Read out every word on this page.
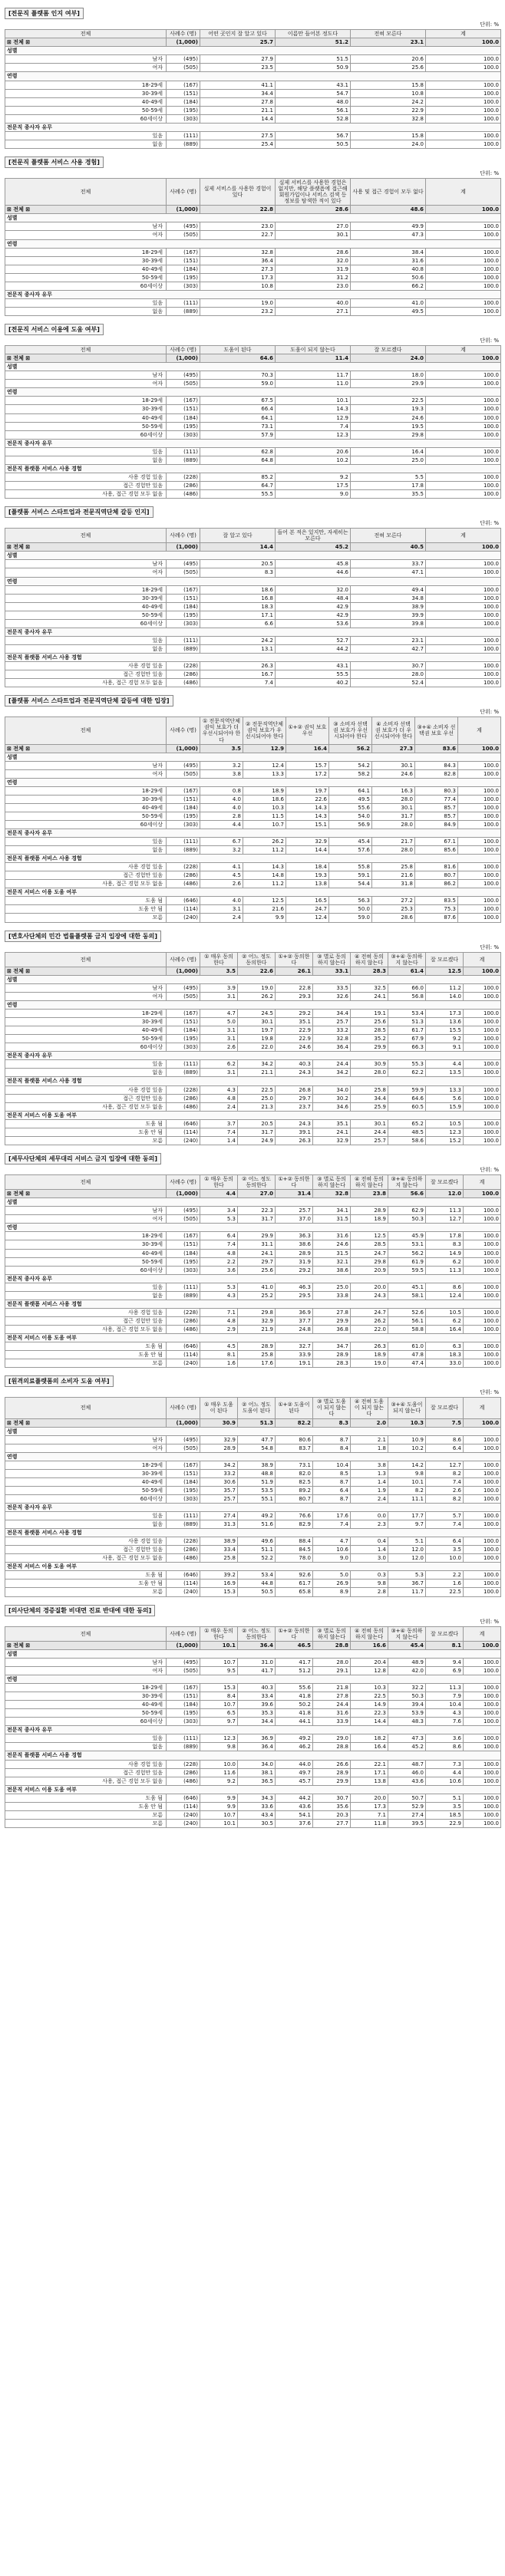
[전문직 플랫폼 인지 여부]
단위: %
전체	사례수 (명)	어떤 곳인지 잘 알고 있다	이름만 들어본 정도다	전혀 모른다	계
⊠ 전체 ⊠	(1,000)	25.7	51.2	23.1	100.0
성별					
남자	(495)	27.9	51.5	20.6	100.0
여자	(505)	23.5	50.9	25.6	100.0
연령					
18-29세	(167)	41.1	43.1	15.8	100.0
30-39세	(151)	34.4	54.7	10.8	100.0
40-49세	(184)	27.8	48.0	24.2	100.0
50-59세	(195)	21.1	56.1	22.9	100.0
60세이상	(303)	14.4	52.8	32.8	100.0
전문직 종사자 유무					
있음	(111)	27.5	56.7	15.8	100.0
없음	(889)	25.4	50.5	24.0	100.0
[전문직 플랫폼 서비스 사용 경험]
단위: %
전체	사례수 (명)	실제 서비스를 사용한 경험이 있다	실제 서비스를 사용한 경험은 없지만, 해당 플랫폼에 접근해 회원가입이나 서비스 검색 등 정보를 탐색한 적이 있다	사용 및 접근 경험이 모두 없다	계
⊠ 전체 ⊠	(1,000)	22.8	28.6	48.6	100.0
성별					
남자	(495)	23.0	27.0	49.9	100.0
여자	(505)	22.7	30.1	47.3	100.0
연령					
18-29세	(167)	32.8	28.6	38.4	100.0
30-39세	(151)	36.4	32.0	31.6	100.0
40-49세	(184)	27.3	31.9	40.8	100.0
50-59세	(195)	17.3	31.2	50.6	100.0
60세이상	(303)	10.8	23.0	66.2	100.0
전문직 종사자 유무					
있음	(111)	19.0	40.0	41.0	100.0
없음	(889)	23.2	27.1	49.5	100.0
[전문직 서비스 이용에 도움 여부]
단위: %
전체	사례수 (명)	도움이 된다	도움이 되지 않는다	잘 모르겠다	계
⊠ 전체 ⊠	(1,000)	64.6	11.4	24.0	100.0
성별					
남자	(495)	70.3	11.7	18.0	100.0
여자	(505)	59.0	11.0	29.9	100.0
연령					
18-29세	(167)	67.5	10.1	22.5	100.0
30-39세	(151)	66.4	14.3	19.3	100.0
40-49세	(184)	64.1	12.9	24.6	100.0
50-59세	(195)	73.1	7.4	19.5	100.0
60세이상	(303)	57.9	12.3	29.8	100.0
전문직 종사자 유무					
있음	(111)	62.8	20.6	16.4	100.0
없음	(889)	64.8	10.2	25.0	100.0
전문직 플랫폼 서비스 사용 경험					
사용 경험 있음	(228)	85.2	9.2	5.5	100.0
접근 경험만 있음	(286)	64.7	17.5	17.8	100.0
사용, 접근 경험 모두 없음	(486)	55.5	9.0	35.5	100.0
[플랫폼 서비스 스타트업과 전문직역단체 갈등 인지]
단위: %
전체	사례수 (명)	잘 알고 있다	들어 본 적은 있지만, 자세히는 모른다	전혀 모른다	계
⊠ 전체 ⊠	(1,000)	14.4	45.2	40.5	100.0
성별					
남자	(495)	20.5	45.8	33.7	100.0
여자	(505)	8.3	44.6	47.1	100.0
연령					
18-29세	(167)	18.6	32.0	49.4	100.0
30-39세	(151)	16.8	48.4	34.8	100.0
40-49세	(184)	18.3	42.9	38.9	100.0
50-59세	(195)	17.1	42.9	39.9	100.0
60세이상	(303)	6.6	53.6	39.8	100.0
전문직 종사자 유무					
있음	(111)	24.2	52.7	23.1	100.0
없음	(889)	13.1	44.2	42.7	100.0
전문직 플랫폼 서비스 사용 경험					
사용 경험 있음	(228)	26.3	43.1	30.7	100.0
접근 경험만 있음	(286)	16.7	55.5	28.0	100.0
사용, 접근 경험 모두 없음	(486)	7.4	40.2	52.4	100.0
[플랫폼 서비스 스타트업과 전문직역단체 갈등에 대한 입장]
단위: %
전체	사례수 (명)	① 전문직역단체 권익 보호가 더 우선시되어야 한다	② 전문직역단체 권익 보호가 우선시되어야 한다	①+② 권익 보호 우선	③ 소비자 선택권 보호가 우선시되어야 한다	④ 소비자 선택권 보호가 더 우선시되어야 한다	③+④ 소비자 선택권 보호 우선	계
⊠ 전체 ⊠	(1,000)	3.5	12.9	16.4	56.2	27.3	83.6	100.0
성별								
남자	(495)	3.2	12.4	15.7	54.2	30.1	84.3	100.0
여자	(505)	3.8	13.3	17.2	58.2	24.6	82.8	100.0
연령								
18-29세	(167)	0.8	18.9	19.7	64.1	16.3	80.3	100.0
30-39세	(151)	4.0	18.6	22.6	49.5	28.0	77.4	100.0
40-49세	(184)	4.0	10.3	14.3	55.6	30.1	85.7	100.0
50-59세	(195)	2.8	11.5	14.3	54.0	31.7	85.7	100.0
60세이상	(303)	4.4	10.7	15.1	56.9	28.0	84.9	100.0
전문직 종사자 유무								
있음	(111)	6.7	26.2	32.9	45.4	21.7	67.1	100.0
없음	(889)	3.2	11.2	14.4	57.6	28.0	85.6	100.0
전문직 플랫폼 서비스 사용 경험								
사용 경험 있음	(228)	4.1	14.3	18.4	55.8	25.8	81.6	100.0
접근 경험만 있음	(286)	4.5	14.8	19.3	59.1	21.6	80.7	100.0
사용, 접근 경험 모두 없음	(486)	2.6	11.2	13.8	54.4	31.8	86.2	100.0
전문직 서비스 이용 도움 여부								
도움 됨	(646)	4.0	12.5	16.5	56.3	27.2	83.5	100.0
도움 안 됨	(114)	3.1	21.6	24.7	50.0	25.3	75.3	100.0
모름	(240)	2.4	9.9	12.4	59.0	28.6	87.6	100.0
[변호사단체의 민간 법률플랫폼 금지 입장에 대한 동의]
단위: %
전체	사례수 (명)	① 매우 동의한다	② 어느 정도 동의한다	①+② 동의한다	③ 별로 동의하지 않는다	④ 전혀 동의하지 않는다	③+④ 동의하지 않는다	잘 모르겠다	계
⊠ 전체 ⊠	(1,000)	3.5	22.6	26.1	33.1	28.3	61.4	12.5	100.0
성별									
남자	(495)	3.9	19.0	22.8	33.5	32.5	66.0	11.2	100.0
여자	(505)	3.1	26.2	29.3	32.6	24.1	56.8	14.0	100.0
연령									
18-29세	(167)	4.7	24.5	29.2	34.4	19.1	53.4	17.3	100.0
30-39세	(151)	5.0	30.1	35.1	25.7	25.6	51.3	13.6	100.0
40-49세	(184)	3.1	19.7	22.9	33.2	28.5	61.7	15.5	100.0
50-59세	(195)	3.1	19.8	22.9	32.8	35.2	67.9	9.2	100.0
60세이상	(303)	2.6	22.0	24.6	36.4	29.9	66.3	9.1	100.0
전문직 종사자 유무									
있음	(111)	6.2	34.2	40.3	24.4	30.9	55.3	4.4	100.0
없음	(889)	3.1	21.1	24.3	34.2	28.0	62.2	13.5	100.0
전문직 플랫폼 서비스 사용 경험									
사용 경험 있음	(228)	4.3	22.5	26.8	34.0	25.8	59.9	13.3	100.0
접근 경험만 있음	(286)	4.8	25.0	29.7	30.2	34.4	64.6	5.6	100.0
사용, 접근 경험 모두 없음	(486)	2.4	21.3	23.7	34.6	25.9	60.5	15.9	100.0
전문직 서비스 이용 도움 여부									
도움 됨	(646)	3.7	20.5	24.3	35.1	30.1	65.2	10.5	100.0
도움 안 됨	(114)	7.4	31.7	39.1	24.1	24.4	48.5	12.3	100.0
모름	(240)	1.4	24.9	26.3	32.9	25.7	58.6	15.2	100.0
[세무사단체의 세무대리 서비스 금지 입장에 대한 동의]
단위: %
전체	사례수 (명)	① 매우 동의한다	② 어느 정도 동의한다	①+② 동의한다	③ 별로 동의하지 않는다	④ 전혀 동의하지 않는다	③+④ 동의하지 않는다	잘 모르겠다	계
⊠ 전체 ⊠	(1,000)	4.4	27.0	31.4	32.8	23.8	56.6	12.0	100.0
성별									
남자	(495)	3.4	22.3	25.7	34.1	28.9	62.9	11.3	100.0
여자	(505)	5.3	31.7	37.0	31.5	18.9	50.3	12.7	100.0
연령									
18-29세	(167)	6.4	29.9	36.3	31.6	12.5	45.9	17.8	100.0
30-39세	(151)	7.4	31.1	38.6	24.6	28.5	53.1	8.3	100.0
40-49세	(184)	4.8	24.1	28.9	31.5	24.7	56.2	14.9	100.0
50-59세	(195)	2.2	29.7	31.9	32.1	29.8	61.9	6.2	100.0
60세이상	(303)	3.6	25.6	29.2	38.6	20.9	59.5	11.3	100.0
전문직 종사자 유무									
있음	(111)	5.3	41.0	46.3	25.0	20.0	45.1	8.6	100.0
없음	(889)	4.3	25.2	29.5	33.8	24.3	58.1	12.4	100.0
전문직 플랫폼 서비스 사용 경험									
사용 경험 있음	(228)	7.1	29.8	36.9	27.8	24.7	52.6	10.5	100.0
접근 경험만 있음	(286)	4.8	32.9	37.7	29.9	26.2	56.1	6.2	100.0
사용, 접근 경험 모두 없음	(486)	2.9	21.9	24.8	36.8	22.0	58.8	16.4	100.0
전문직 서비스 이용 도움 여부									
도움 됨	(646)	4.5	28.9	32.7	34.7	26.3	61.0	6.3	100.0
도움 안 됨	(114)	8.1	25.8	33.9	28.9	18.9	47.8	18.3	100.0
모름	(240)	1.6	17.6	19.1	28.3	19.0	47.4	33.0	100.0
[원격의료플랫폼의 소비자 도움 여부]
단위: %
전체	사례수 (명)	① 매우 도움이 된다	② 어느 정도 도움이 된다	①+② 도움이 된다	③ 별로 도움이 되지 않는다	④ 전혀 도움이 되지 않는다	③+④ 도움이 되지 않는다	잘 모르겠다	계
⊠ 전체 ⊠	(1,000)	30.9	51.3	82.2	8.3	2.0	10.3	7.5	100.0
성별									
남자	(495)	32.9	47.7	80.6	8.7	2.1	10.9	8.6	100.0
여자	(505)	28.9	54.8	83.7	8.4	1.8	10.2	6.4	100.0
연령									
18-29세	(167)	34.2	38.9	73.1	10.4	3.8	14.2	12.7	100.0
30-39세	(151)	33.2	48.8	82.0	8.5	1.3	9.8	8.2	100.0
40-49세	(184)	30.6	51.9	82.5	8.7	1.4	10.1	7.4	100.0
50-59세	(195)	35.7	53.5	89.2	6.4	1.9	8.2	2.6	100.0
60세이상	(303)	25.7	55.1	80.7	8.7	2.4	11.1	8.2	100.0
전문직 종사자 유무									
있음	(111)	27.4	49.2	76.6	17.6	0.0	17.7	5.7	100.0
없음	(889)	31.3	51.6	82.9	7.4	2.3	9.7	7.4	100.0
전문직 플랫폼 서비스 사용 경험									
사용 경험 있음	(228)	38.9	49.6	88.4	4.7	0.4	5.1	6.4	100.0
접근 경험만 있음	(286)	33.4	51.1	84.5	10.6	1.4	12.0	3.5	100.0
사용, 접근 경험 모두 없음	(486)	25.8	52.2	78.0	9.0	3.0	12.0	10.0	100.0
전문직 서비스 이용 도움 여부									
도움 됨	(646)	39.2	53.4	92.6	5.0	0.3	5.3	2.2	100.0
도움 안 됨	(114)	16.9	44.8	61.7	26.9	9.8	36.7	1.6	100.0
모름	(240)	15.3	50.5	65.8	8.9	2.8	11.7	22.5	100.0
[의사단체의 경증질환 비대면 진료 반대에 대한 동의]
단위: %
전체	사례수 (명)	① 매우 동의한다	② 어느 정도 동의한다	①+② 동의한다	③ 별로 동의하지 않는다	④ 전혀 동의하지 않는다	③+④ 동의하지 않는다	잘 모르겠다	계
⊠ 전체 ⊠	(1,000)	10.1	36.4	46.5	28.8	16.6	45.4	8.1	100.0
성별									
남자	(495)	10.7	31.0	41.7	28.0	20.4	48.9	9.4	100.0
여자	(505)	9.5	41.7	51.2	29.1	12.8	42.0	6.9	100.0
연령									
18-29세	(167)	15.3	40.3	55.6	21.8	10.3	32.2	11.3	100.0
30-39세	(151)	8.4	33.4	41.8	27.8	22.5	50.3	7.9	100.0
40-49세	(184)	10.7	39.6	50.2	24.4	14.9	39.4	10.4	100.0
50-59세	(195)	6.5	35.3	41.8	31.6	22.3	53.9	4.3	100.0
60세이상	(303)	9.7	34.4	44.1	33.9	14.4	48.3	7.6	100.0
전문직 종사자 유무									
있음	(111)	12.3	36.9	49.2	29.0	18.2	47.3	3.6	100.0
없음	(889)	9.8	36.4	46.2	28.8	16.4	45.2	8.6	100.0
전문직 플랫폼 서비스 사용 경험									
사용 경험 있음	(228)	10.0	34.0	44.0	26.6	22.1	48.7	7.3	100.0
접근 경험만 있음	(286)	11.6	38.1	49.7	28.9	17.1	46.0	4.4	100.0
사용, 접근 경험 모두 없음	(486)	9.2	36.5	45.7	29.9	13.8	43.6	10.6	100.0
전문직 서비스 이용 도움 여부									
도움 됨	(646)	9.9	34.3	44.2	30.7	20.0	50.7	5.1	100.0
도움 안 됨	(114)	9.9	33.6	43.6	35.6	17.3	52.9	3.5	100.0
모름	(240)	10.7	43.4	54.1	20.3	7.1	27.4	18.5	100.0
모름	(240)	10.1	30.5	37.6	27.7	11.8	39.5	22.9	100.0
